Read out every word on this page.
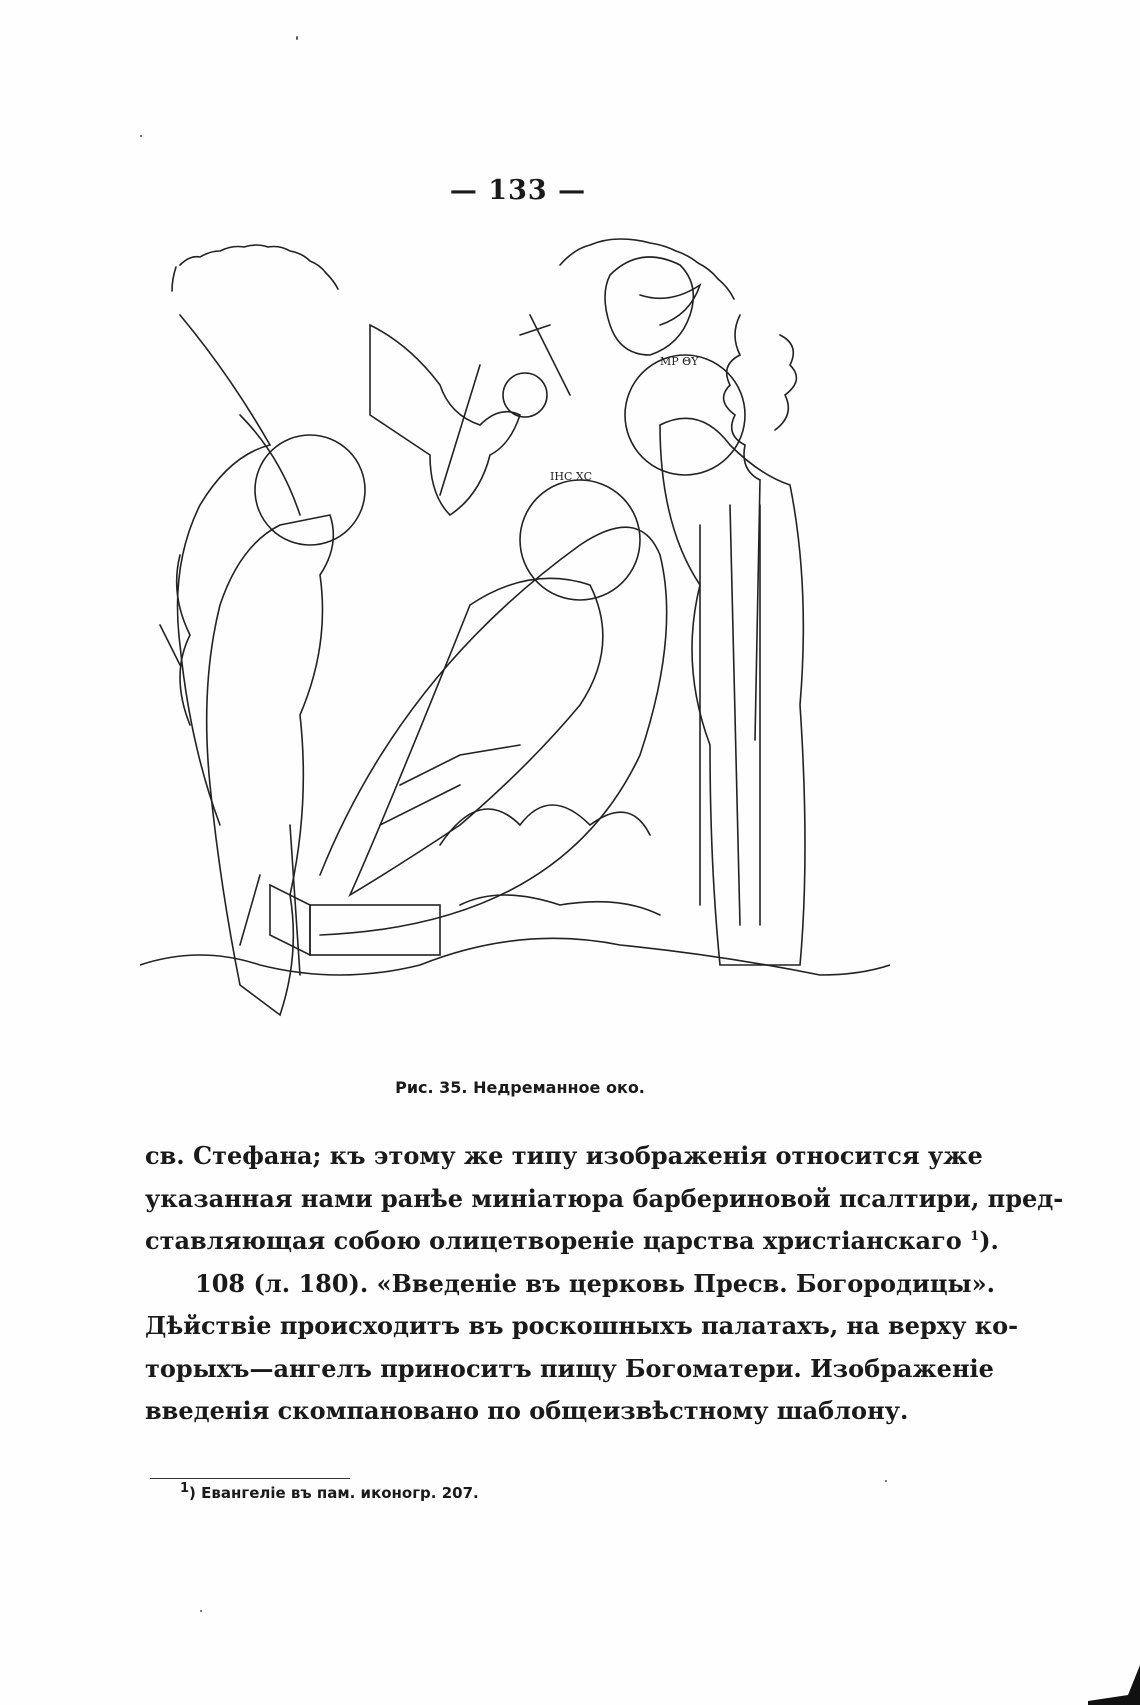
— 133 —
ІНС ХС
ΜΡ ΘΥ
Рис. 35. Недреманное око.
св. Стефана; къ этому же типу изображенія относится уже
указанная нами ранѣе миніатюра барбериновой псалтири, пред-
ставляющая собою олицетвореніе царства христіанскаго $^1$).
108 (л. 180). «Введеніе въ церковь Пресв. Богородицы».
Дѣйствіе происходитъ въ роскошныхъ палатахъ, на верху ко-
торыхъ—ангелъ приноситъ пищу Богоматери. Изображеніе
введенія скомпановано по общеизвѣстному шаблону.
$^1$) Евангеліе въ пам. иконогр. 207.
